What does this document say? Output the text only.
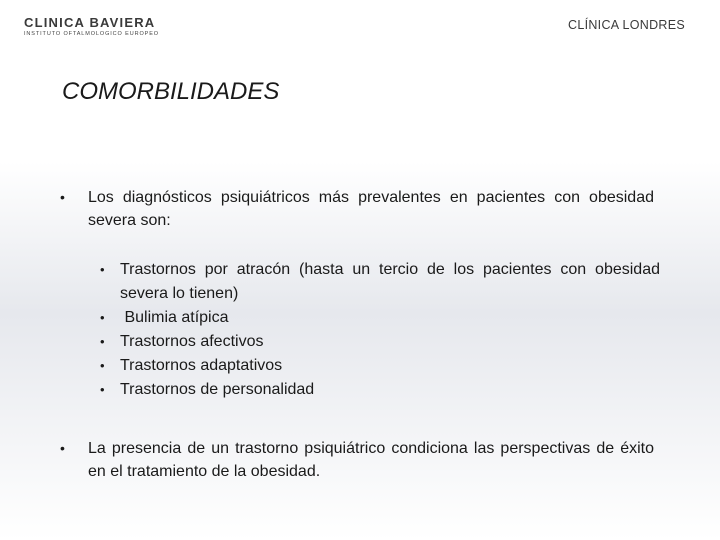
CLINICA BAVIERA
INSTITUTO OFTALMOLOGICO EUROPEO
CLÍNICA LONDRES
COMORBILIDADES
• Los diagnósticos psiquiátricos más prevalentes en pacientes con obesidad severa son:
• Trastornos por atracón (hasta un tercio de los pacientes con obesidad severa lo tienen)
• Bulimia atípica
• Trastornos afectivos
• Trastornos adaptativos
• Trastornos de personalidad
• La presencia de un trastorno psiquiátrico condiciona las perspectivas de éxito en el tratamiento de la obesidad.
